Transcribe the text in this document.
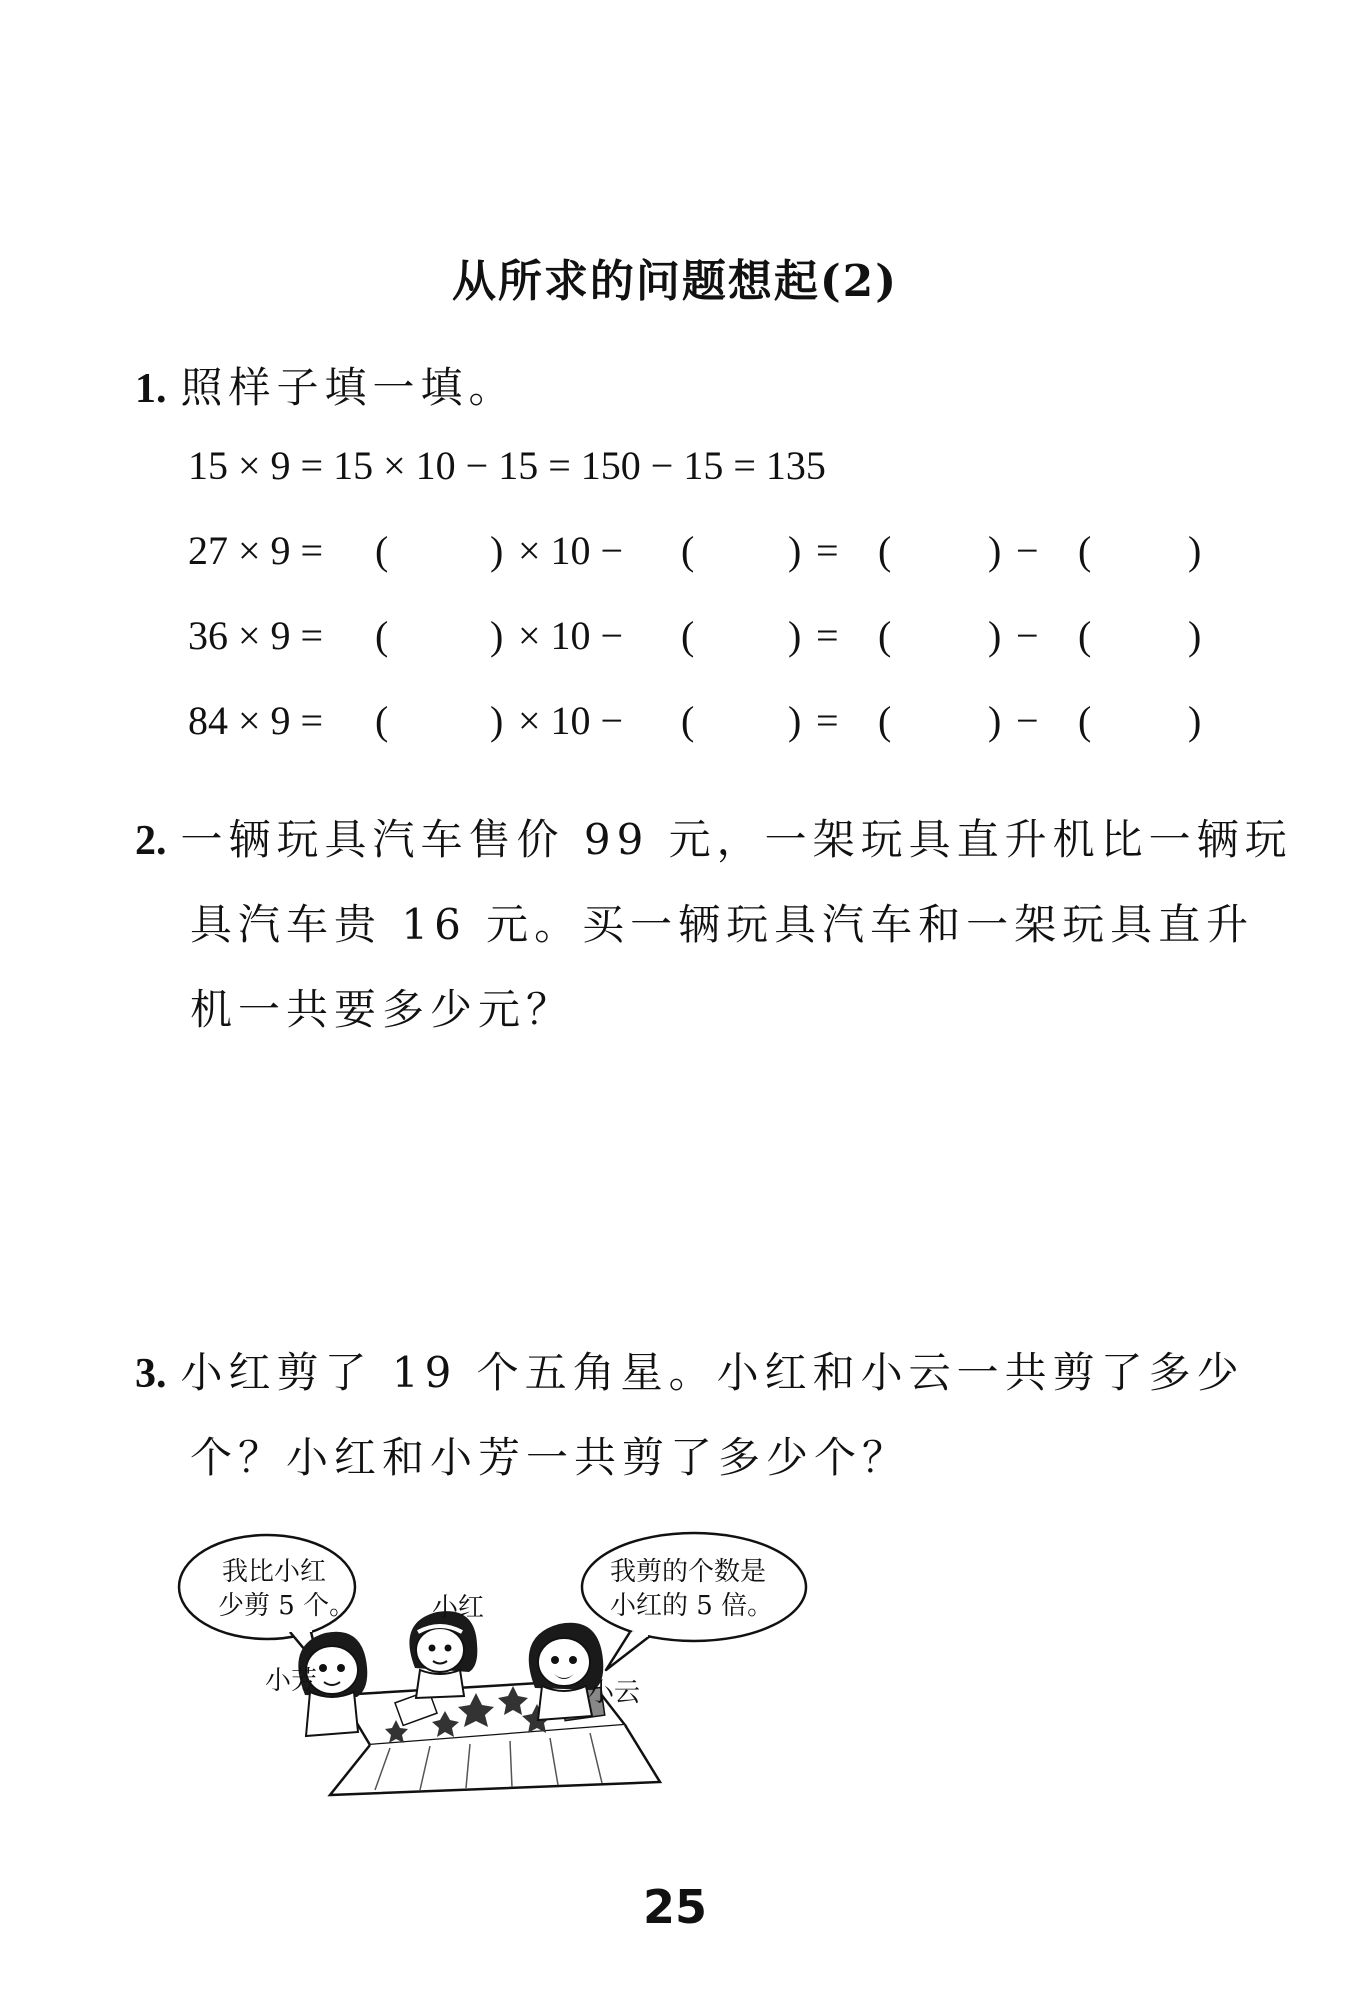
从所求的问题想起(2)
1. 照样子填一填。
15 × 9 = 15 × 10 − 15 = 150 − 15 = 135
27 × 9 = (	) × 10 − ( ) = ( ) − ( )
36 × 9 = (	) × 10 − ( ) = ( ) − ( )
84 × 9 = (	) × 10 − ( ) = ( ) − ( )
2. 一辆玩具汽车售价 99 元，一架玩具直升机比一辆玩
具汽车贵 16 元。买一辆玩具汽车和一架玩具直升
机一共要多少元？
3. 小红剪了 19 个五角星。小红和小云一共剪了多少
个？小红和小芳一共剪了多少个？
我比小红
少剪 5 个。
我剪的个数是
小红的 5 倍。
小芳
小红
小云
25
